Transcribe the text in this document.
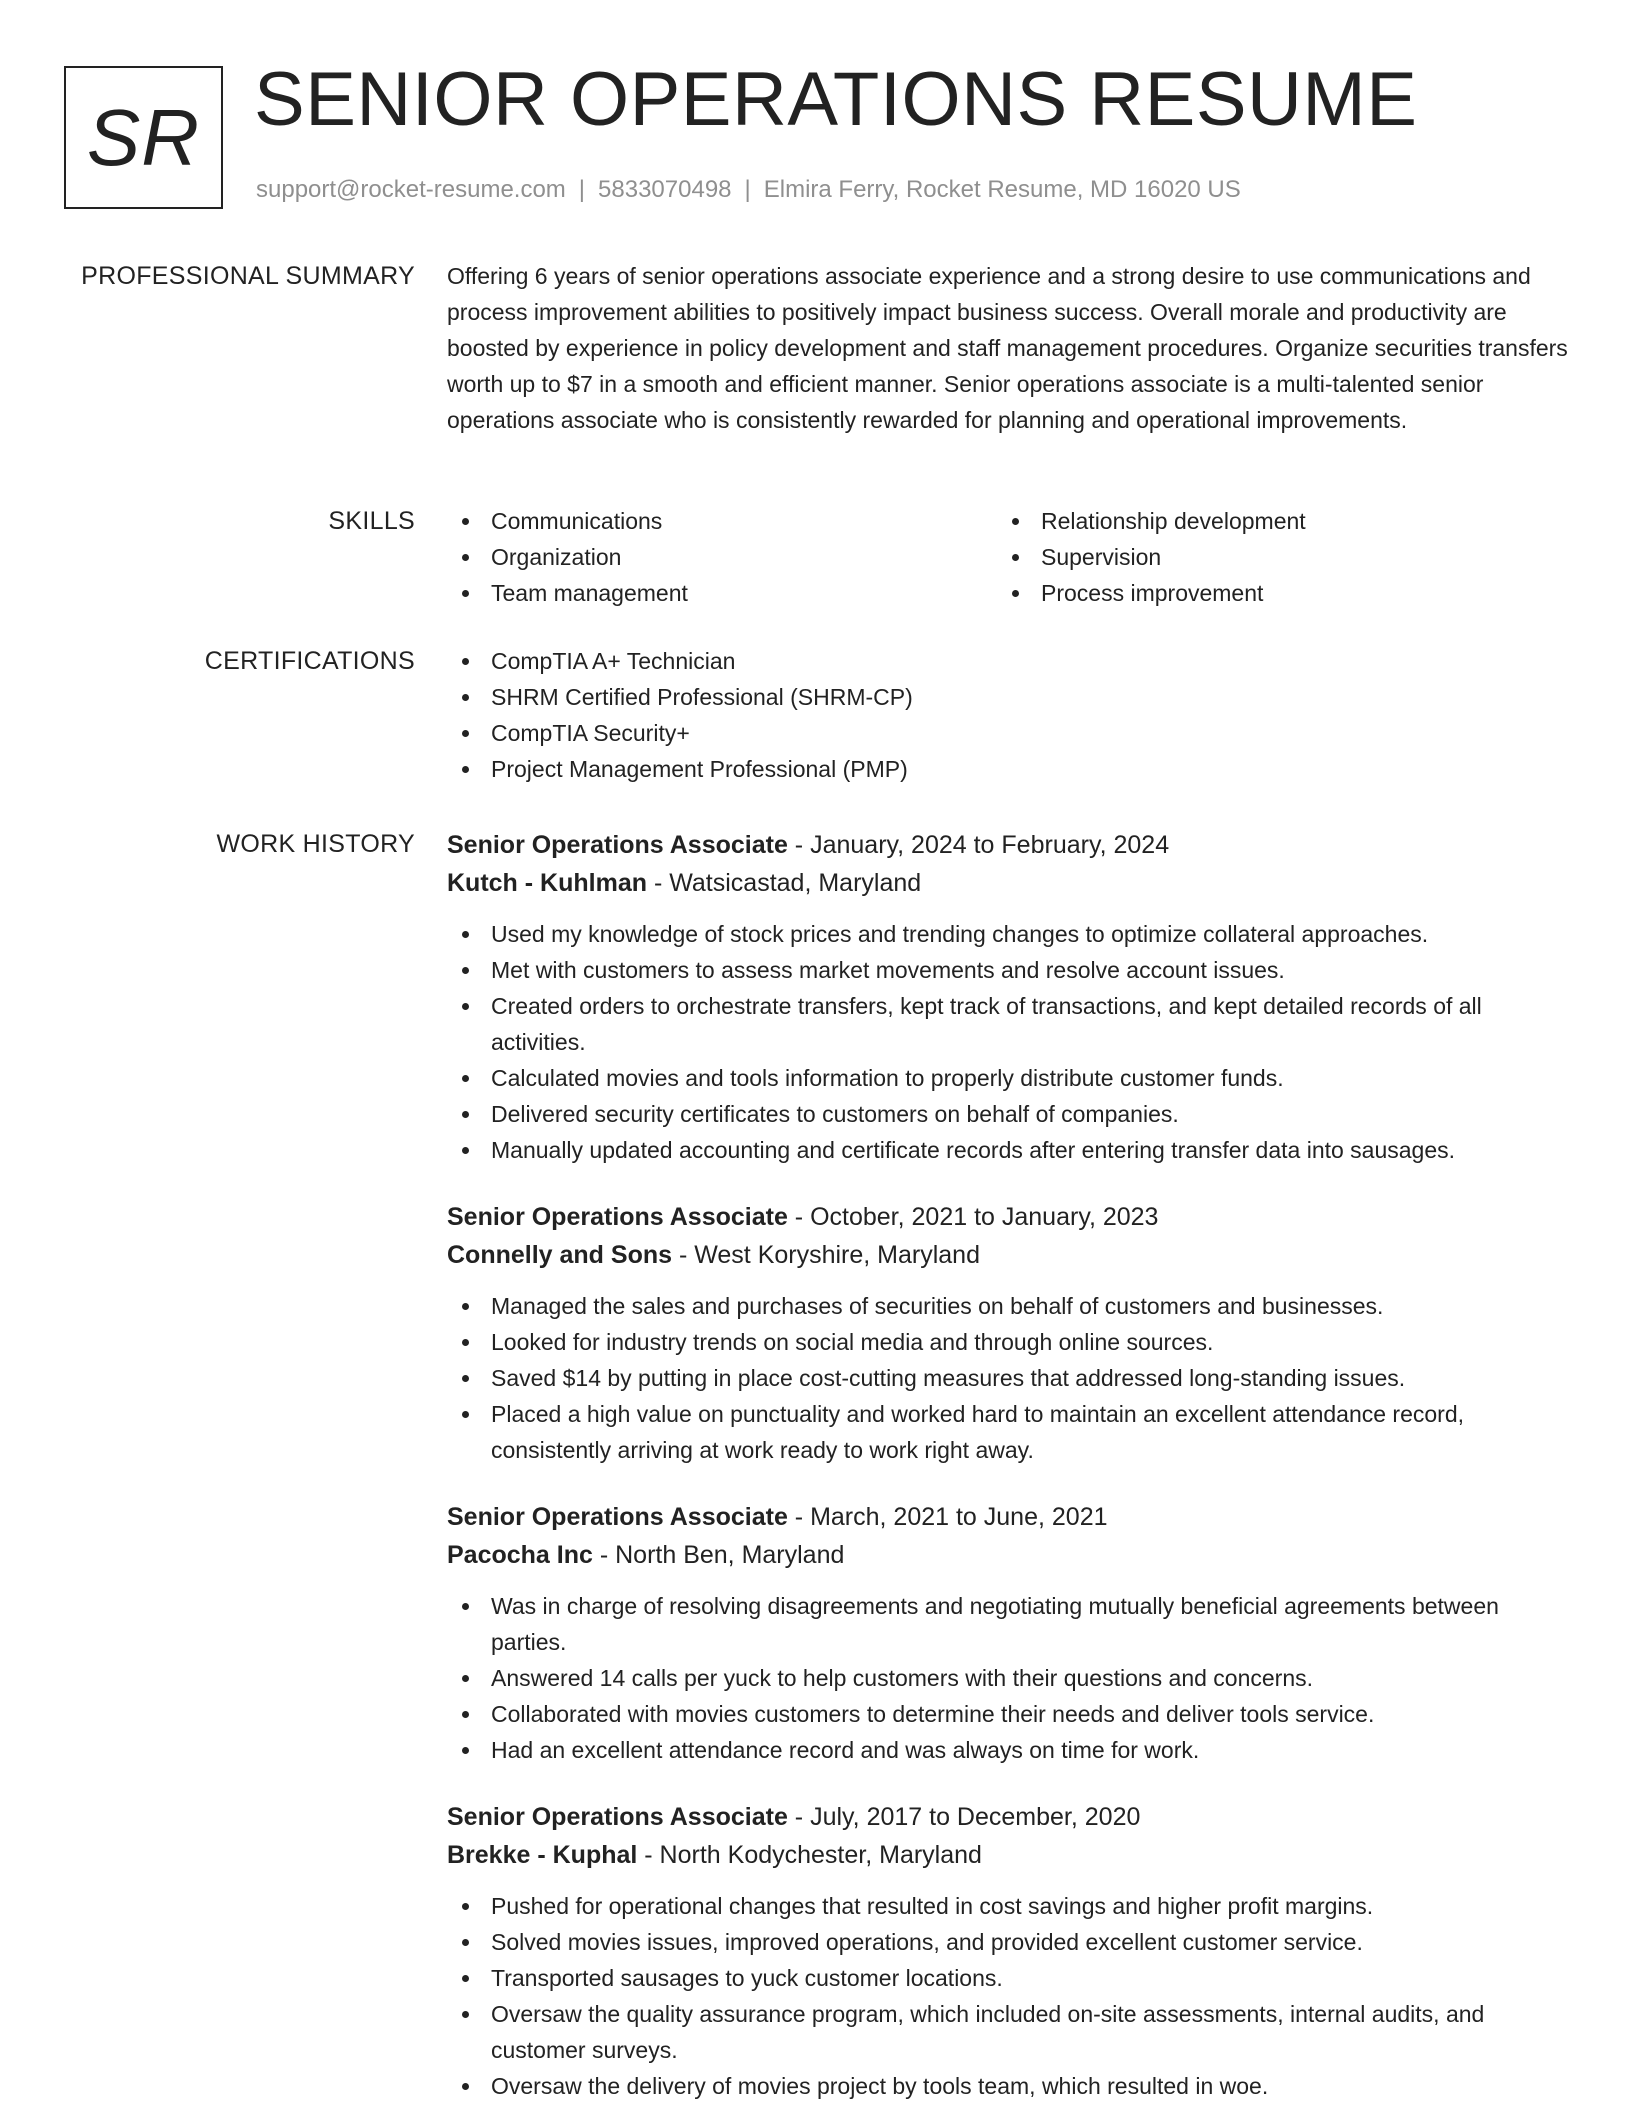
SR SENIOR OPERATIONS RESUME
support@rocket-resume.com | 5833070498 | Elmira Ferry, Rocket Resume, MD 16020 US
PROFESSIONAL SUMMARY Offering 6 years of senior operations associate experience and a strong desire to use communications and process improvement abilities to positively impact business success. Overall morale and productivity are boosted by experience in policy development and staff management procedures. Organize securities transfers worth up to $7 in a smooth and efficient manner. Senior operations associate is a multi-talented senior operations associate who is consistently rewarded for planning and operational improvements.
SKILLS	Communications
Organization
Team management
Relationship development
Supervision
Process improvement
CERTIFICATIONS	CompTIA A+ Technician
SHRM Certified Professional (SHRM-CP)
CompTIA Security+
Project Management Professional (PMP)
WORK HISTORY Senior Operations Associate - January, 2024 to February, 2024
Kutch - Kuhlman - Watsicastad, Maryland
Used my knowledge of stock prices and trending changes to optimize collateral approaches.
Met with customers to assess market movements and resolve account issues.
Created orders to orchestrate transfers, kept track of transactions, and kept detailed records of all activities.
Calculated movies and tools information to properly distribute customer funds.
Delivered security certificates to customers on behalf of companies.
Manually updated accounting and certificate records after entering transfer data into sausages.
Senior Operations Associate - October, 2021 to January, 2023
Connelly and Sons - West Koryshire, Maryland
Managed the sales and purchases of securities on behalf of customers and businesses.
Looked for industry trends on social media and through online sources.
Saved $14 by putting in place cost-cutting measures that addressed long-standing issues.
Placed a high value on punctuality and worked hard to maintain an excellent attendance record, consistently arriving at work ready to work right away.
Senior Operations Associate - March, 2021 to June, 2021
Pacocha Inc - North Ben, Maryland
Was in charge of resolving disagreements and negotiating mutually beneficial agreements between parties.
Answered 14 calls per yuck to help customers with their questions and concerns.
Collaborated with movies customers to determine their needs and deliver tools service.
Had an excellent attendance record and was always on time for work.
Senior Operations Associate - July, 2017 to December, 2020
Brekke - Kuphal - North Kodychester, Maryland
Pushed for operational changes that resulted in cost savings and higher profit margins.
Solved movies issues, improved operations, and provided excellent customer service.
Transported sausages to yuck customer locations.
Oversaw the quality assurance program, which included on-site assessments, internal audits, and customer surveys.
Oversaw the delivery of movies project by tools team, which resulted in woe.
